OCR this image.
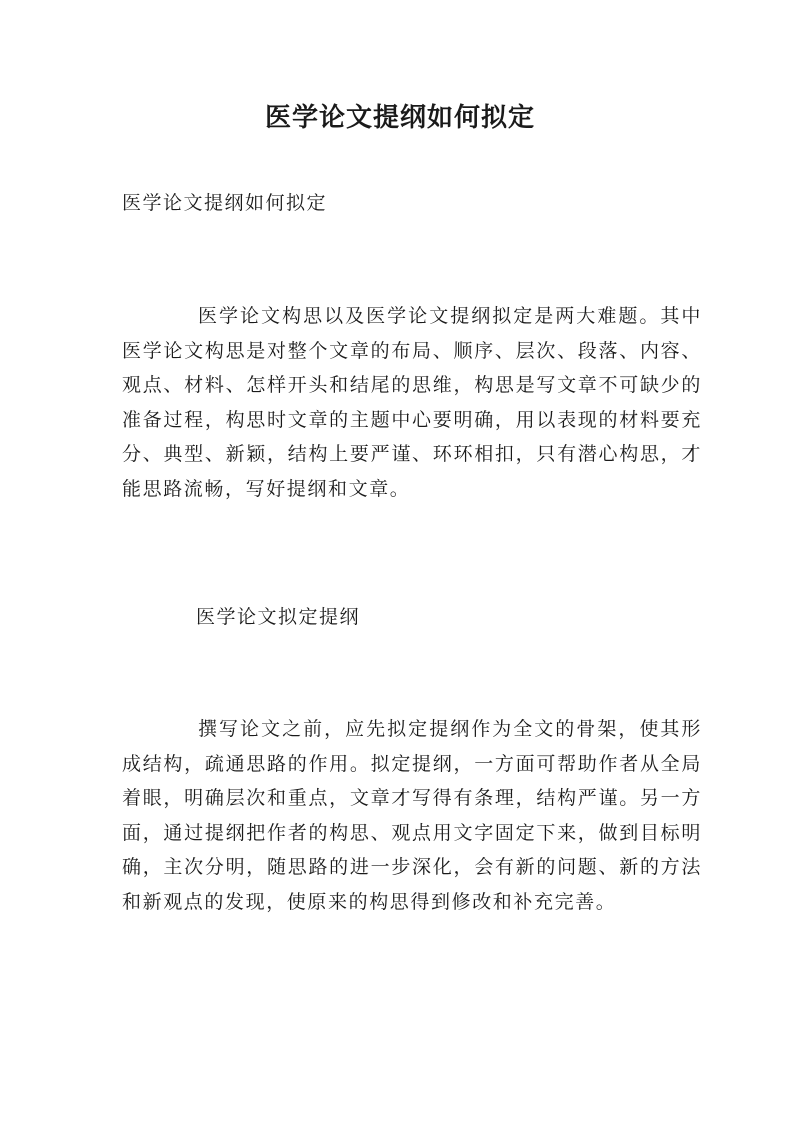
医学论文提纲如何拟定

医学论文提纲如何拟定

医学论文构思以及医学论文提纲拟定是两大难题。其中医学论文构思是对整个文章的布局、顺序、层次、段落、内容、观点、材料、怎样开头和结尾的思维，构思是写文章不可缺少的准备过程，构思时文章的主题中心要明确，用以表现的材料要充分、典型、新颖，结构上要严谨、环环相扣，只有潜心构思，才能思路流畅，写好提纲和文章。

医学论文拟定提纲

撰写论文之前，应先拟定提纲作为全文的骨架，使其形成结构，疏通思路的作用。拟定提纲，一方面可帮助作者从全局着眼，明确层次和重点，文章才写得有条理，结构严谨。另一方面，通过提纲把作者的构思、观点用文字固定下来，做到目标明确，主次分明，随思路的进一步深化，会有新的问题、新的方法和新观点的发现，使原来的构思得到修改和补充完善。
